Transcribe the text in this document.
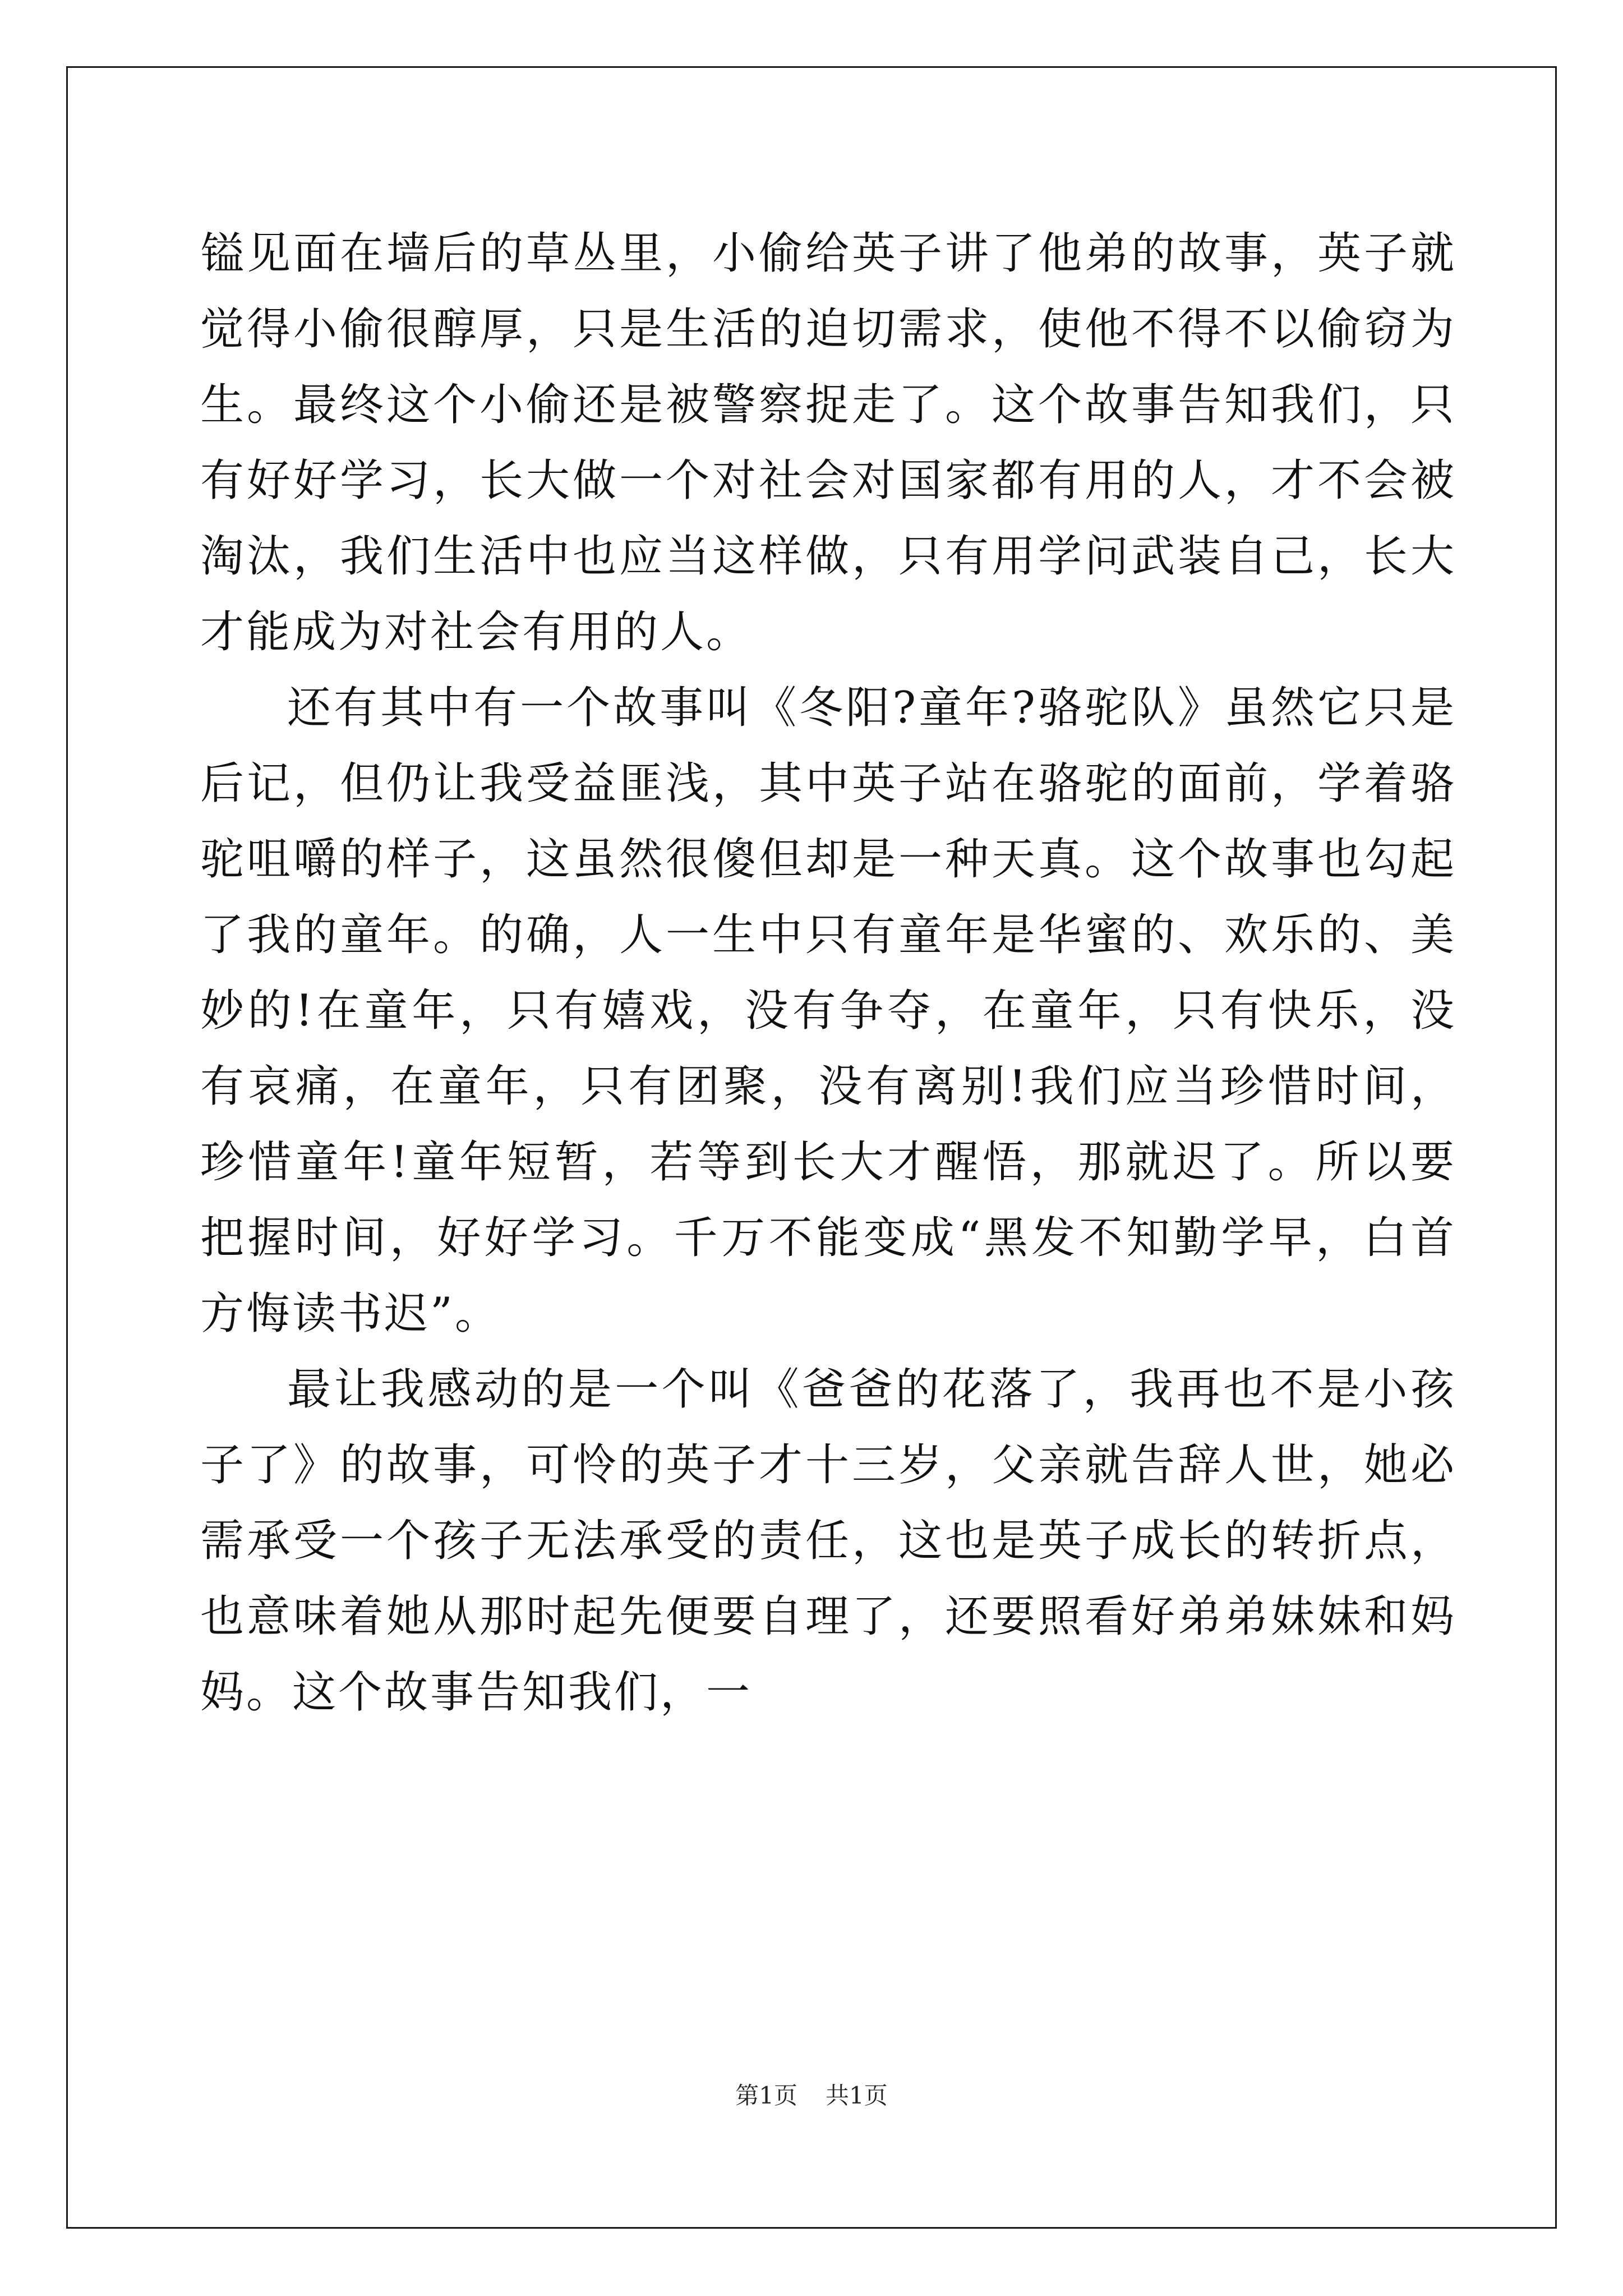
镒见面在墙后的草丛里，小偷给英子讲了他弟的故事，英子就觉得小偷很醇厚，只是生活的迫切需求，使他不得不以偷窃为生。最终这个小偷还是被警察捉走了。这个故事告知我们，只有好好学习，长大做一个对社会对国家都有用的人，才不会被淘汰，我们生活中也应当这样做，只有用学问武装自己，长大才能成为对社会有用的人。

还有其中有一个故事叫《冬阳?童年?骆驼队》虽然它只是后记，但仍让我受益匪浅，其中英子站在骆驼的面前，学着骆驼咀嚼的样子，这虽然很傻但却是一种天真。这个故事也勾起了我的童年。的确，人一生中只有童年是华蜜的、欢乐的、美妙的!在童年，只有嬉戏，没有争夺，在童年，只有快乐，没有哀痛，在童年，只有团聚，没有离别!我们应当珍惜时间，珍惜童年!童年短暂，若等到长大才醒悟，那就迟了。所以要把握时间，好好学习。千万不能变成“黑发不知勤学早，白首方悔读书迟”。

最让我感动的是一个叫《爸爸的花落了，我再也不是小孩子了》的故事，可怜的英子才十三岁，父亲就告辞人世，她必需承受一个孩子无法承受的责任，这也是英子成长的转折点，也意味着她从那时起先便要自理了，还要照看好弟弟妹妹和妈妈。这个故事告知我们，一

第1页 共1页
